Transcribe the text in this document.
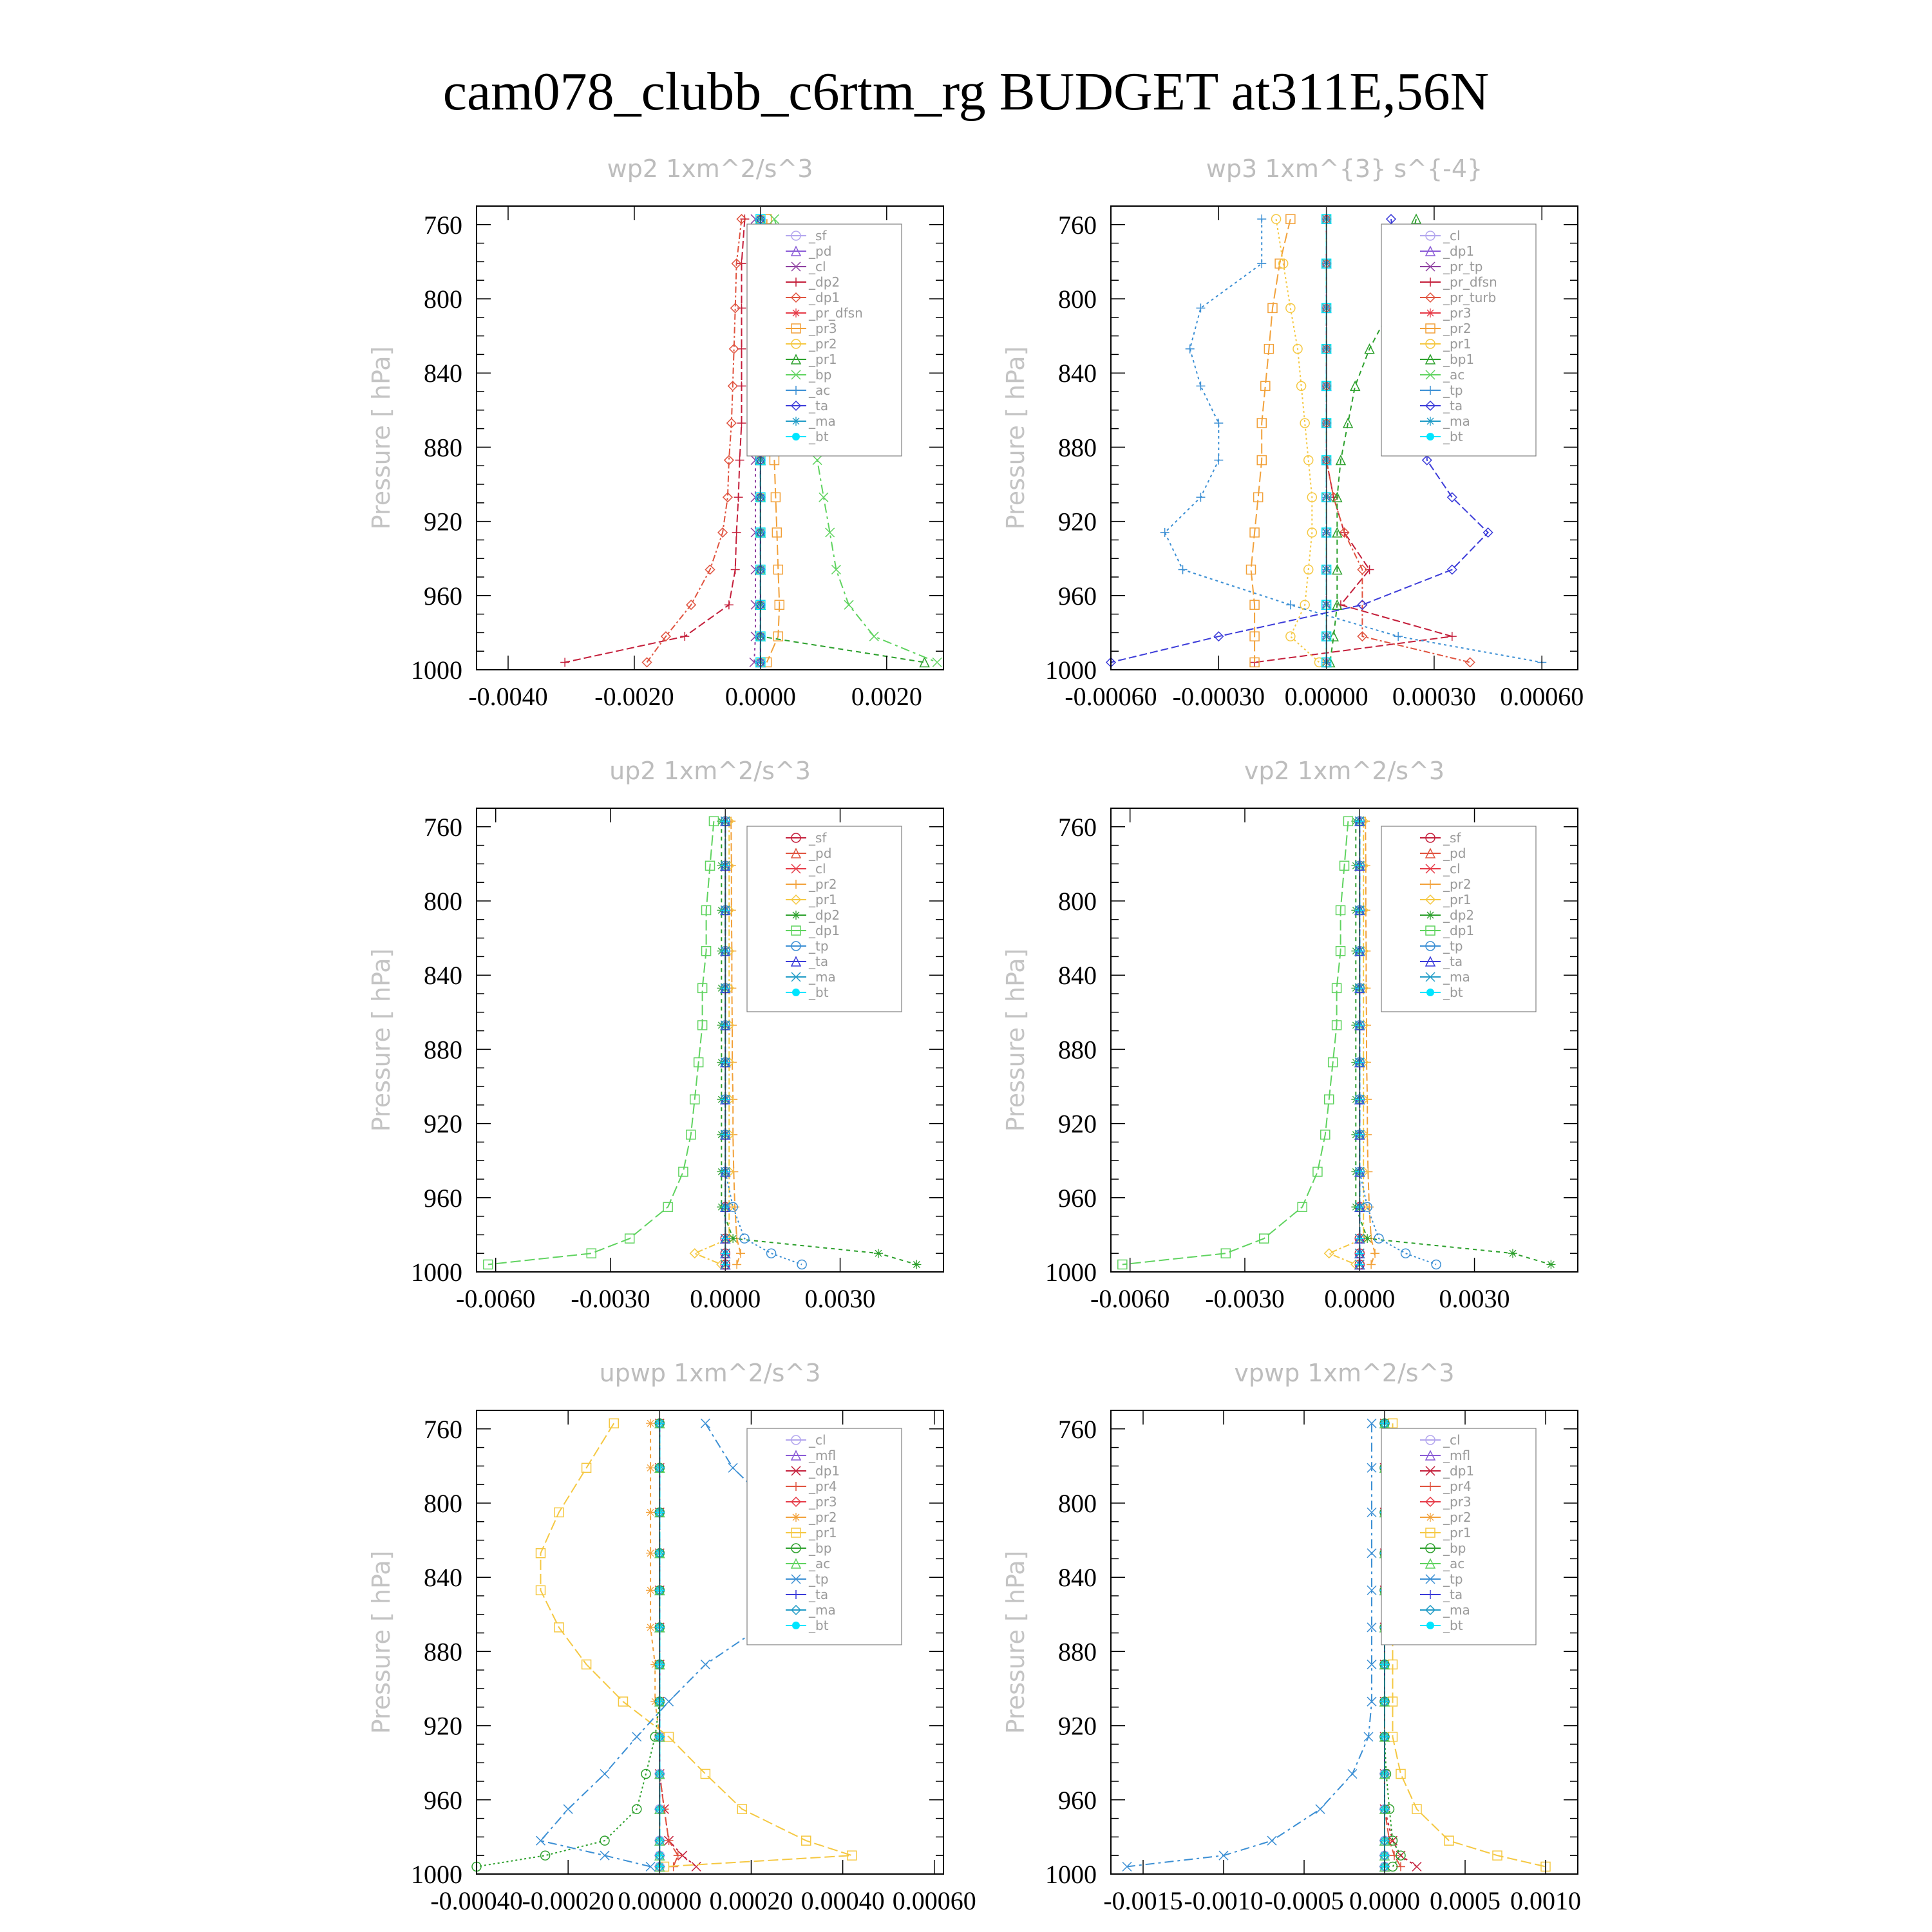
cam078_clubb_c6rtm_rg BUDGET at311E,56N
wp2 1xm^2/s^3
Pressure [ hPa]
760
800
840
880
920
960
1000
-0.0040 -0.0020 0.0000 0.0020
_sf
_pd
_cl
_dp2
_dp1
_pr_dfsn
_pr3
_pr2
_pr1
_bp
_ac
_ta
_ma
_bt
wp3 1xm^{3} s^{-4}
Pressure [ hPa]
760
800
840
880
920
960
1000
-0.00060 -0.00030 0.00000 0.00030 0.00060
_cl
_dp1
_pr_tp
_pr_dfsn
_pr_turb
_pr3
_pr2
_pr1
_bp1
_ac
_tp
_ta
_ma
_bt
up2 1xm^2/s^3
Pressure [ hPa]
760
800
840
880
920
960
1000
-0.0060 -0.0030 0.0000 0.0030
_sf
_pd
_cl
_pr2
_pr1
_dp2
_dp1
_tp
_ta
_ma
_bt
vp2 1xm^2/s^3
Pressure [ hPa]
760
800
840
880
920
960
1000
-0.0060 -0.0030 0.0000 0.0030
_sf
_pd
_cl
_pr2
_pr1
_dp2
_dp1
_tp
_ta
_ma
_bt
upwp 1xm^2/s^3
Pressure [ hPa]
760
800
840
880
920
960
1000
-0.00040
-0.00020 0.00000 0.00020 0.00040 0.00060
_cl
_mfl
_dp1
_pr4
_pr3
_pr2
_pr1
_bp
_ac
_tp
_ta
_ma
_bt
vpwp 1xm^2/s^3
Pressure [ hPa]
760
800
840
880
920
960
1000
-0.0015 -0.0010 -0.0005 0.0000 0.0005 0.0010
_cl
_mfl
_dp1
_pr4
_pr3
_pr2
_pr1
_bp
_ac
_tp
_ta
_ma
_bt
